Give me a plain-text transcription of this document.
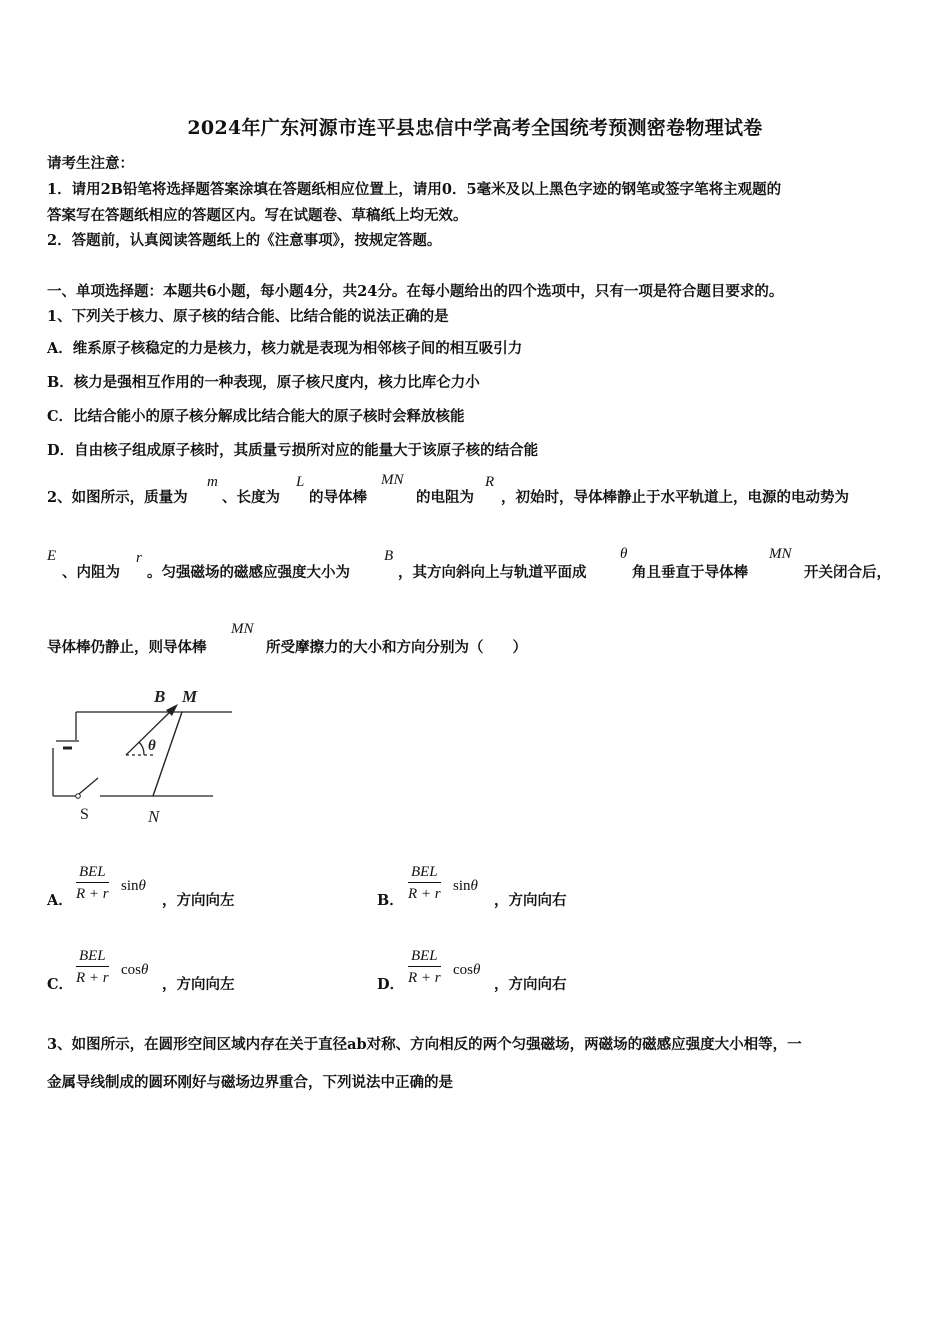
2024年广东河源市连平县忠信中学高考全国统考预测密卷物理试卷
请考生注意：
1．请用2B铅笔将选择题答案涂填在答题纸相应位置上，请用0．5毫米及以上黑色字迹的钢笔或签字笔将主观题的
答案写在答题纸相应的答题区内。写在试题卷、草稿纸上均无效。
2．答题前，认真阅读答题纸上的《注意事项》，按规定答题。
一、单项选择题：本题共6小题，每小题4分，共24分。在每小题给出的四个选项中，只有一项是符合题目要求的。
1、下列关于核力、原子核的结合能、比结合能的说法正确的是
A．维系原子核稳定的力是核力，核力就是表现为相邻核子间的相互吸引力
B．核力是强相互作用的一种表现，原子核尺度内，核力比库仑力小
C．比结合能小的原子核分解成比结合能大的原子核时会释放核能
D．自由核子组成原子核时，其质量亏损所对应的能量大于该原子核的结合能
2、如图所示，质量为
m
、长度为
L
的导体棒
MN
的电阻为
R
，初始时，导体棒静止于水平轨道上，电源的电动势为
E
、内阻为
r
。匀强磁场的磁感应强度大小为
B
，其方向斜向上与轨道平面成
θ
角且垂直于导体棒
MN
开关闭合后，
导体棒仍静止，则导体棒
MN
所受摩擦力的大小和方向分别为（　　）
B M
θ
S	N
A．
BEL
R + r sinθ
，方向向左	B．
BEL
R + r sinθ
，方向向右
C．
BEL
R + r cosθ
，方向向左	D．
BEL
R + r cosθ
，方向向右
3、如图所示，在圆形空间区域内存在关于直径ab对称、方向相反的两个匀强磁场，两磁场的磁感应强度大小相等，一
金属导线制成的圆环刚好与磁场边界重合，下列说法中正确的是
